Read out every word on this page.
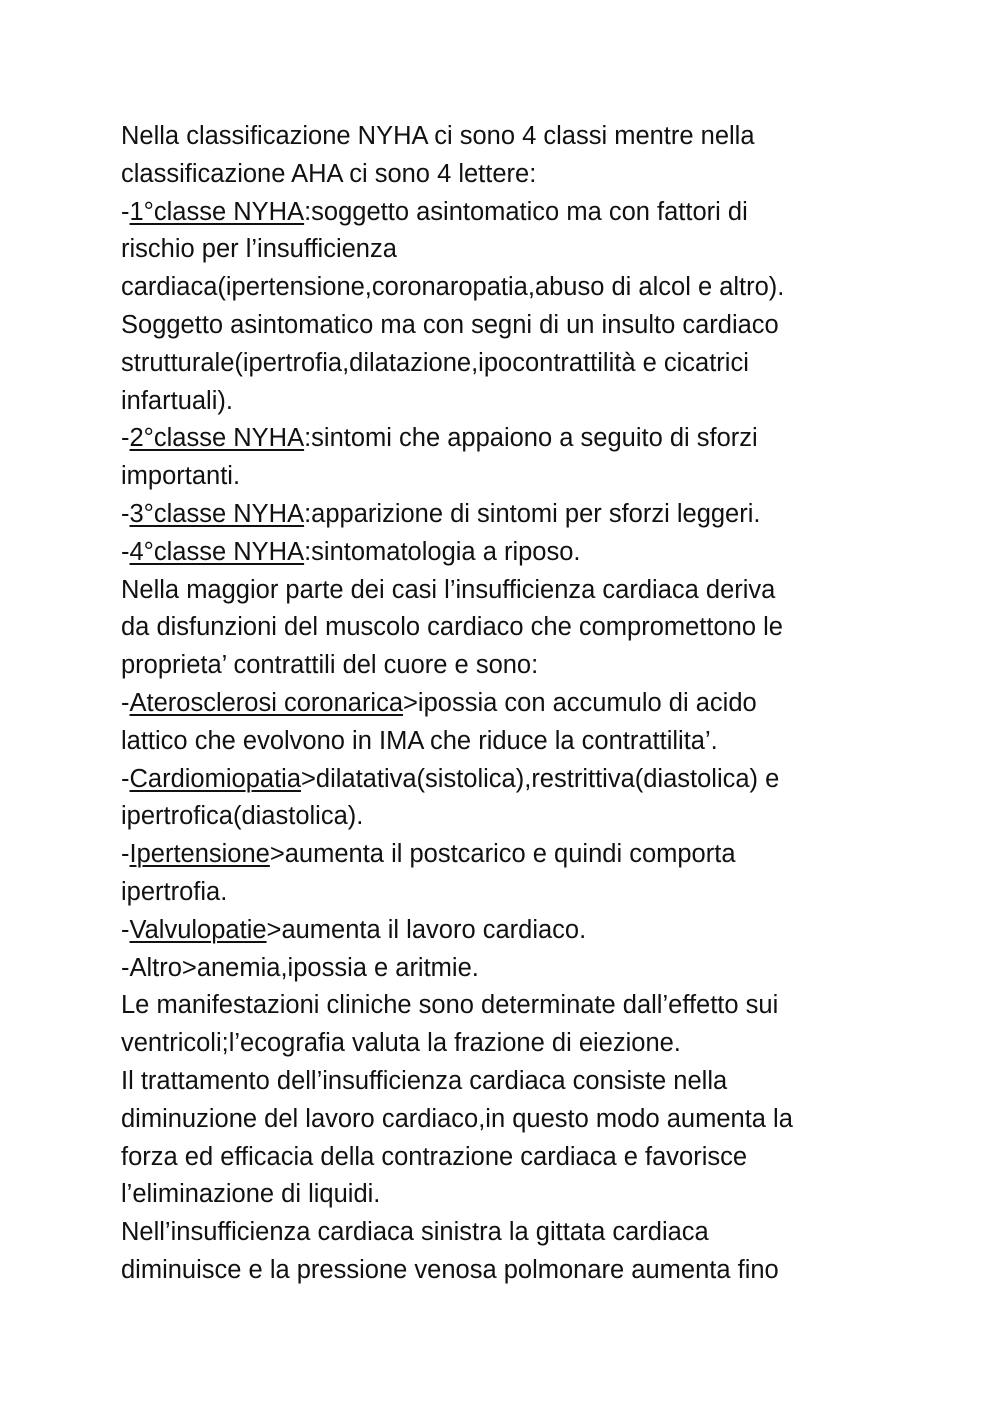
Nella classificazione NYHA ci sono 4 classi mentre nella
classificazione AHA ci sono 4 lettere:
-1°classe NYHA:soggetto asintomatico ma con fattori di
rischio per l’insufficienza
cardiaca(ipertensione,coronaropatia,abuso di alcol e altro).
Soggetto asintomatico ma con segni di un insulto cardiaco
strutturale(ipertrofia,dilatazione,ipocontrattilità e cicatrici
infartuali).
-2°classe NYHA:sintomi che appaiono a seguito di sforzi
importanti.
-3°classe NYHA:apparizione di sintomi per sforzi leggeri.
-4°classe NYHA:sintomatologia a riposo.
Nella maggior parte dei casi l’insufficienza cardiaca deriva
da disfunzioni del muscolo cardiaco che compromettono le
proprieta’ contrattili del cuore e sono:
-Aterosclerosi coronarica>ipossia con accumulo di acido
lattico che evolvono in IMA che riduce la contrattilita’.
-Cardiomiopatia>dilatativa(sistolica),restrittiva(diastolica) e
ipertrofica(diastolica).
-Ipertensione>aumenta il postcarico e quindi comporta
ipertrofia.
-Valvulopatie>aumenta il lavoro cardiaco.
-Altro>anemia,ipossia e aritmie.
Le manifestazioni cliniche sono determinate dall’effetto sui
ventricoli;l’ecografia valuta la frazione di eiezione.
Il trattamento dell’insufficienza cardiaca consiste nella
diminuzione del lavoro cardiaco,in questo modo aumenta la
forza ed efficacia della contrazione cardiaca e favorisce
l’eliminazione di liquidi.
Nell’insufficienza cardiaca sinistra la gittata cardiaca
diminuisce e la pressione venosa polmonare aumenta fino
